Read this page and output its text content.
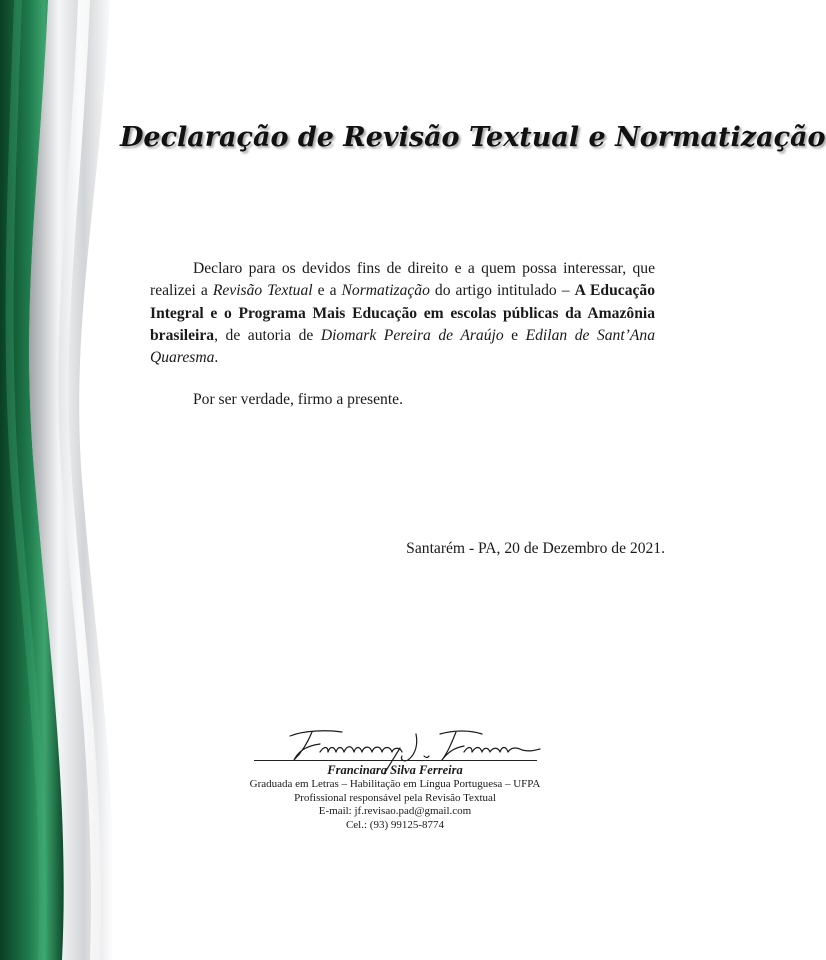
Declaração de Revisão Textual e Normatização

Declaro para os devidos fins de direito e a quem possa interessar, que realizei a Revisão Textual e a Normatização do artigo intitulado – A Educação Integral e o Programa Mais Educação em escolas públicas da Amazônia brasileira, de autoria de Diomark Pereira de Araújo e Edilan de Sant’Ana Quaresma.

Por ser verdade, firmo a presente.

Santarém - PA, 20 de Dezembro de 2021.
Francinara Silva Ferreira
Graduada em Letras – Habilitação em Língua Portuguesa – UFPA
Profissional responsável pela Revisão Textual
E-mail: jf.revisao.pad@gmail.com
Cel.: (93) 99125-8774
